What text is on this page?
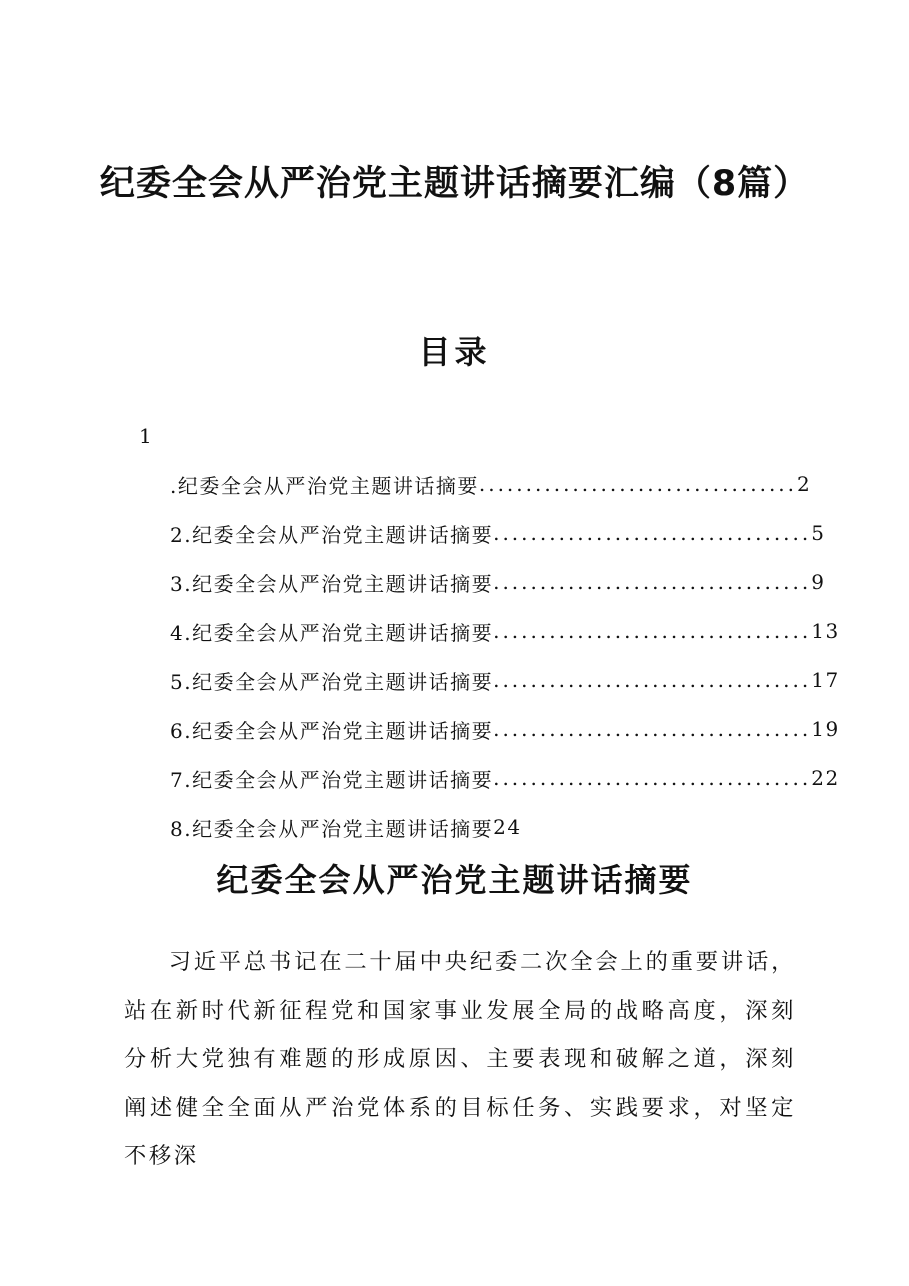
纪委全会从严治党主题讲话摘要汇编（8篇）
目录
1
.纪委全会从严治党主题讲话摘要 .................................. 2
2.纪委全会从严治党主题讲话摘要 .................................. 5
3.纪委全会从严治党主题讲话摘要 .................................. 9
4.纪委全会从严治党主题讲话摘要 .................................. 13
5.纪委全会从严治党主题讲话摘要 .................................. 17
6.纪委全会从严治党主题讲话摘要 .................................. 19
7.纪委全会从严治党主题讲话摘要 .................................. 22
8.纪委全会从严治党主题讲话摘要 24
纪委全会从严治党主题讲话摘要

习近平总书记在二十届中央纪委二次全会上的重要讲话，站在新时代新征程党和国家事业发展全局的战略高度，深刻分析大党独有难题的形成原因、主要表现和破解之道，深刻阐述健全全面从严治党体系的目标任务、实践要求，对坚定不移深
